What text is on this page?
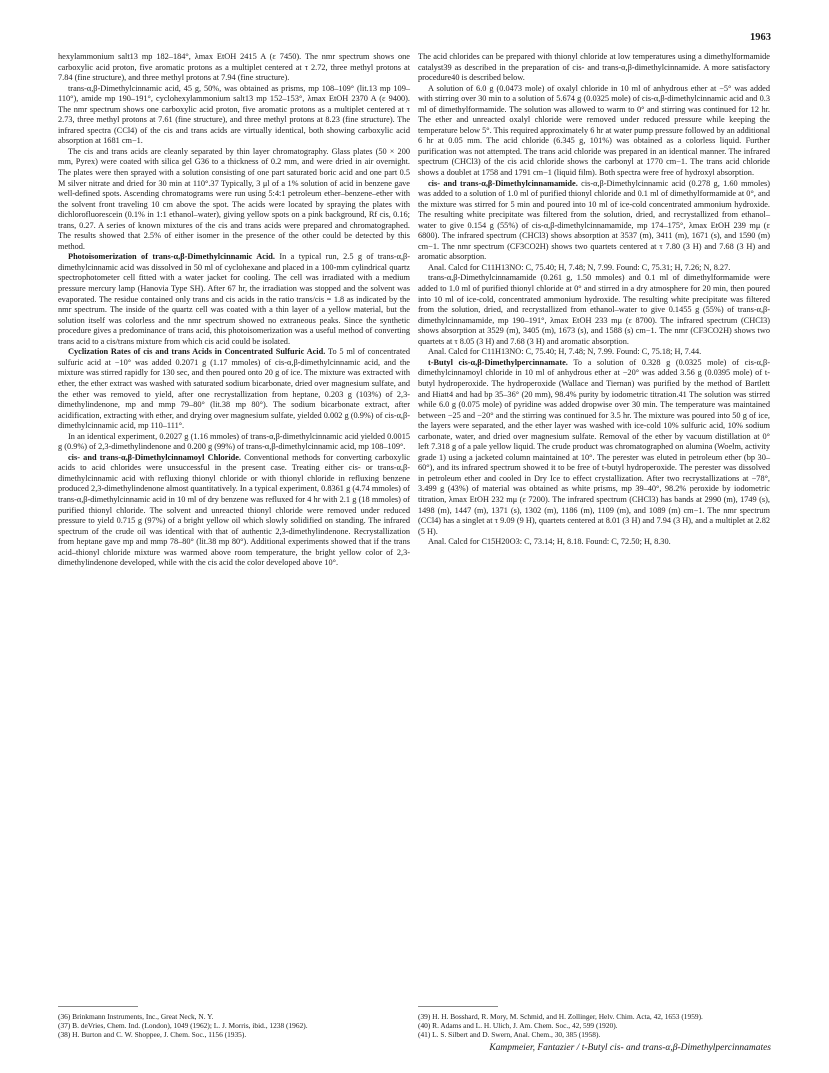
1963

hexylammonium salt13 mp 182–184°, λmax EtOH 2415 A (ε 7450). The nmr spectrum shows one carboxylic acid proton, five aromatic protons as a multiplet centered at τ 2.72, three methyl protons at 7.84 (fine structure), and three methyl protons at 7.94 (fine structure).

trans-α,β-Dimethylcinnamic acid, 45 g, 50%, was obtained as prisms, mp 108–109° (lit.13 mp 109–110°), amide mp 190–191°, cyclohexylammonium salt13 mp 152–153°, λmax EtOH 2370 A (ε 9400). The nmr spectrum shows one carboxylic acid proton, five aromatic protons as a multiplet centered at τ 2.73, three methyl protons at 7.61 (fine structure), and three methyl protons at 8.23 (fine structure). The infrared spectra (CCl4) of the cis and trans acids are virtually identical, both showing carboxylic acid absorption at 1681 cm−1.

The cis and trans acids are cleanly separated by thin layer chromatography. Glass plates (50 × 200 mm, Pyrex) were coated with silica gel G36 to a thickness of 0.2 mm, and were dried in air overnight. The plates were then sprayed with a solution consisting of one part saturated boric acid and one part 0.5 M silver nitrate and dried for 30 min at 110°.37 Typically, 3 μl of a 1% solution of acid in benzene gave well-defined spots. Ascending chromatograms were run using 5:4:1 petroleum ether–benzene–ether with the solvent front traveling 10 cm above the spot. The acids were located by spraying the plates with dichlorofluorescein (0.1% in 1:1 ethanol–water), giving yellow spots on a pink background, Rf cis, 0.16; trans, 0.27. A series of known mixtures of the cis and trans acids were prepared and chromatographed. The results showed that 2.5% of either isomer in the presence of the other could be detected by this method.

Photoisomerization of trans-α,β-Dimethylcinnamic Acid. In a typical run, 2.5 g of trans-α,β-dimethylcinnamic acid was dissolved in 50 ml of cyclohexane and placed in a 100-mm cylindrical quartz spectrophotometer cell fitted with a water jacket for cooling. The cell was irradiated with a medium pressure mercury lamp (Hanovia Type SH). After 67 hr, the irradiation was stopped and the solvent was evaporated. The residue contained only trans and cis acids in the ratio trans/cis = 1.8 as indicated by the nmr spectrum. The inside of the quartz cell was coated with a thin layer of a yellow material, but the solution itself was colorless and the nmr spectrum showed no extraneous peaks. Since the synthetic procedure gives a predominance of trans acid, this photoisomerization was a useful method of converting trans acid to a cis/trans mixture from which cis acid could be isolated.

Cyclization Rates of cis and trans Acids in Concentrated Sulfuric Acid. To 5 ml of concentrated sulfuric acid at −10° was added 0.2071 g (1.17 mmoles) of cis-α,β-dimethylcinnamic acid, and the mixture was stirred rapidly for 130 sec, and then poured onto 20 g of ice. The mixture was extracted with ether, the ether extract was washed with saturated sodium bicarbonate, dried over magnesium sulfate, and the ether was removed to yield, after one recrystallization from heptane, 0.203 g (103%) of 2,3-dimethylindenone, mp and mmp 79–80° (lit.38 mp 80°). The sodium bicarbonate extract, after acidification, extracting with ether, and drying over magnesium sulfate, yielded 0.002 g (0.9%) of cis-α,β-dimethylcinnamic acid, mp 110–111°.

In an identical experiment, 0.2027 g (1.16 mmoles) of trans-α,β-dimethylcinnamic acid yielded 0.0015 g (0.9%) of 2,3-dimethylindenone and 0.200 g (99%) of trans-α,β-dimethylcinnamic acid, mp 108–109°.

cis- and trans-α,β-Dimethylcinnamoyl Chloride. Conventional methods for converting carboxylic acids to acid chlorides were unsuccessful in the present case. Treating either cis- or trans-α,β-dimethylcinnamic acid with refluxing thionyl chloride or with thionyl chloride in refluxing benzene produced 2,3-dimethylindenone almost quantitatively. In a typical experiment, 0.8361 g (4.74 mmoles) of trans-α,β-dimethylcinnamic acid in 10 ml of dry benzene was refluxed for 4 hr with 2.1 g (18 mmoles) of purified thionyl chloride. The solvent and unreacted thionyl chloride were removed under reduced pressure to yield 0.715 g (97%) of a bright yellow oil which slowly solidified on standing. The infrared spectrum of the crude oil was identical with that of authentic 2,3-dimethylindenone. Recrystallization from heptane gave mp and mmp 78–80° (lit.38 mp 80°). Additional experiments showed that if the trans acid–thionyl chloride mixture was warmed above room temperature, the bright yellow color of 2,3-dimethylindenone developed, while with the cis acid the color developed above 10°.

The acid chlorides can be prepared with thionyl chloride at low temperatures using a dimethylformamide catalyst39 as described in the preparation of cis- and trans-α,β-dimethylcinnamide. A more satisfactory procedure40 is described below.

A solution of 6.0 g (0.0473 mole) of oxalyl chloride in 10 ml of anhydrous ether at −5° was added with stirring over 30 min to a solution of 5.674 g (0.0325 mole) of cis-α,β-dimethylcinnamic acid and 0.3 ml of dimethylformamide. The solution was allowed to warm to 0° and stirring was continued for 12 hr. The ether and unreacted oxalyl chloride were removed under reduced pressure while keeping the temperature below 5°. This required approximately 6 hr at water pump pressure followed by an additional 6 hr at 0.05 mm. The acid chloride (6.345 g, 101%) was obtained as a colorless liquid. Further purification was not attempted. The trans acid chloride was prepared in an identical manner. The infrared spectrum (CHCl3) of the cis acid chloride shows the carbonyl at 1770 cm−1. The trans acid chloride shows a doublet at 1758 and 1791 cm−1 (liquid film). Both spectra were free of hydroxyl absorption.

cis- and trans-α,β-Dimethylcinnamamide. cis-α,β-Dimethylcinnamic acid (0.278 g, 1.60 mmoles) was added to a solution of 1.0 ml of purified thionyl chloride and 0.1 ml of dimethylformamide at 0°, and the mixture was stirred for 5 min and poured into 10 ml of ice-cold concentrated ammonium hydroxide. The resulting white precipitate was filtered from the solution, dried, and recrystallized from ethanol–water to give 0.154 g (55%) of cis-α,β-dimethylcinnamamide, mp 174–175°, λmax EtOH 239 mμ (ε 6800). The infrared spectrum (CHCl3) shows absorption at 3537 (m), 3411 (m), 1671 (s), and 1590 (m) cm−1. The nmr spectrum (CF3CO2H) shows two quartets centered at τ 7.80 (3 H) and 7.68 (3 H) and aromatic absorption.

Anal. Calcd for C11H13NO: C, 75.40; H, 7.48; N, 7.99. Found: C, 75.31; H, 7.26; N, 8.27.

trans-α,β-Dimethylcinnamamide (0.261 g, 1.50 mmoles) and 0.1 ml of dimethylformamide were added to 1.0 ml of purified thionyl chloride at 0° and stirred in a dry atmosphere for 20 min, then poured into 10 ml of ice-cold, concentrated ammonium hydroxide. The resulting white precipitate was filtered from the solution, dried, and recrystallized from ethanol–water to give 0.1455 g (55%) of trans-α,β-dimethylcinnamamide, mp 190–191°, λmax EtOH 233 mμ (ε 8700). The infrared spectrum (CHCl3) shows absorption at 3529 (m), 3405 (m), 1673 (s), and 1588 (s) cm−1. The nmr (CF3CO2H) shows two quartets at τ 8.05 (3 H) and 7.68 (3 H) and aromatic absorption.

Anal. Calcd for C11H13NO: C, 75.40; H, 7.48; N, 7.99. Found: C, 75.18; H, 7.44.

t-Butyl cis-α,β-Dimethylpercinnamate. To a solution of 0.328 g (0.0325 mole) of cis-α,β-dimethylcinnamoyl chloride in 10 ml of anhydrous ether at −20° was added 3.56 g (0.0395 mole) of t-butyl hydroperoxide. The hydroperoxide (Wallace and Tiernan) was purified by the method of Bartlett and Hiatt4 and had bp 35–36° (20 mm), 98.4% purity by iodometric titration.41 The solution was stirred while 6.0 g (0.075 mole) of pyridine was added dropwise over 30 min. The temperature was maintained between −25 and −20° and the stirring was continued for 3.5 hr. The mixture was poured into 50 g of ice, the layers were separated, and the ether layer was washed with ice-cold 10% sulfuric acid, 10% sodium carbonate, water, and dried over magnesium sulfate. Removal of the ether by vacuum distillation at 0° left 7.318 g of a pale yellow liquid. The crude product was chromatographed on alumina (Woelm, activity grade 1) using a jacketed column maintained at 10°. The perester was eluted in petroleum ether (bp 30–60°), and its infrared spectrum showed it to be free of t-butyl hydroperoxide. The perester was dissolved in petroleum ether and cooled in Dry Ice to effect crystallization. After two recrystallizations at −78°, 3.499 g (43%) of material was obtained as white prisms, mp 39–40°, 98.2% peroxide by iodometric titration, λmax EtOH 232 mμ (ε 7200). The infrared spectrum (CHCl3) has bands at 2990 (m), 1749 (s), 1498 (m), 1447 (m), 1371 (s), 1302 (m), 1186 (m), 1109 (m), and 1089 (m) cm−1. The nmr spectrum (CCl4) has a singlet at τ 9.09 (9 H), quartets centered at 8.01 (3 H) and 7.94 (3 H), and a multiplet at 2.82 (5 H).

Anal. Calcd for C15H20O3: C, 73.14; H, 8.18. Found: C, 72.50; H, 8.30.

(36) Brinkmann Instruments, Inc., Great Neck, N. Y.
(37) B. deVries, Chem. Ind. (London), 1049 (1962); L. J. Morris, ibid., 1238 (1962).
(38) H. Burton and C. W. Shoppee, J. Chem. Soc., 1156 (1935).
(39) H. H. Bosshard, R. Mory, M. Schmid, and H. Zollinger, Helv. Chim. Acta, 42, 1653 (1959).
(40) R. Adams and L. H. Ulich, J. Am. Chem. Soc., 42, 599 (1920).
(41) L. S. Silbert and D. Swern, Anal. Chem., 30, 385 (1958).
Kampmeier, Fantazier / t-Butyl cis- and trans-α,β-Dimethylpercinnamates
